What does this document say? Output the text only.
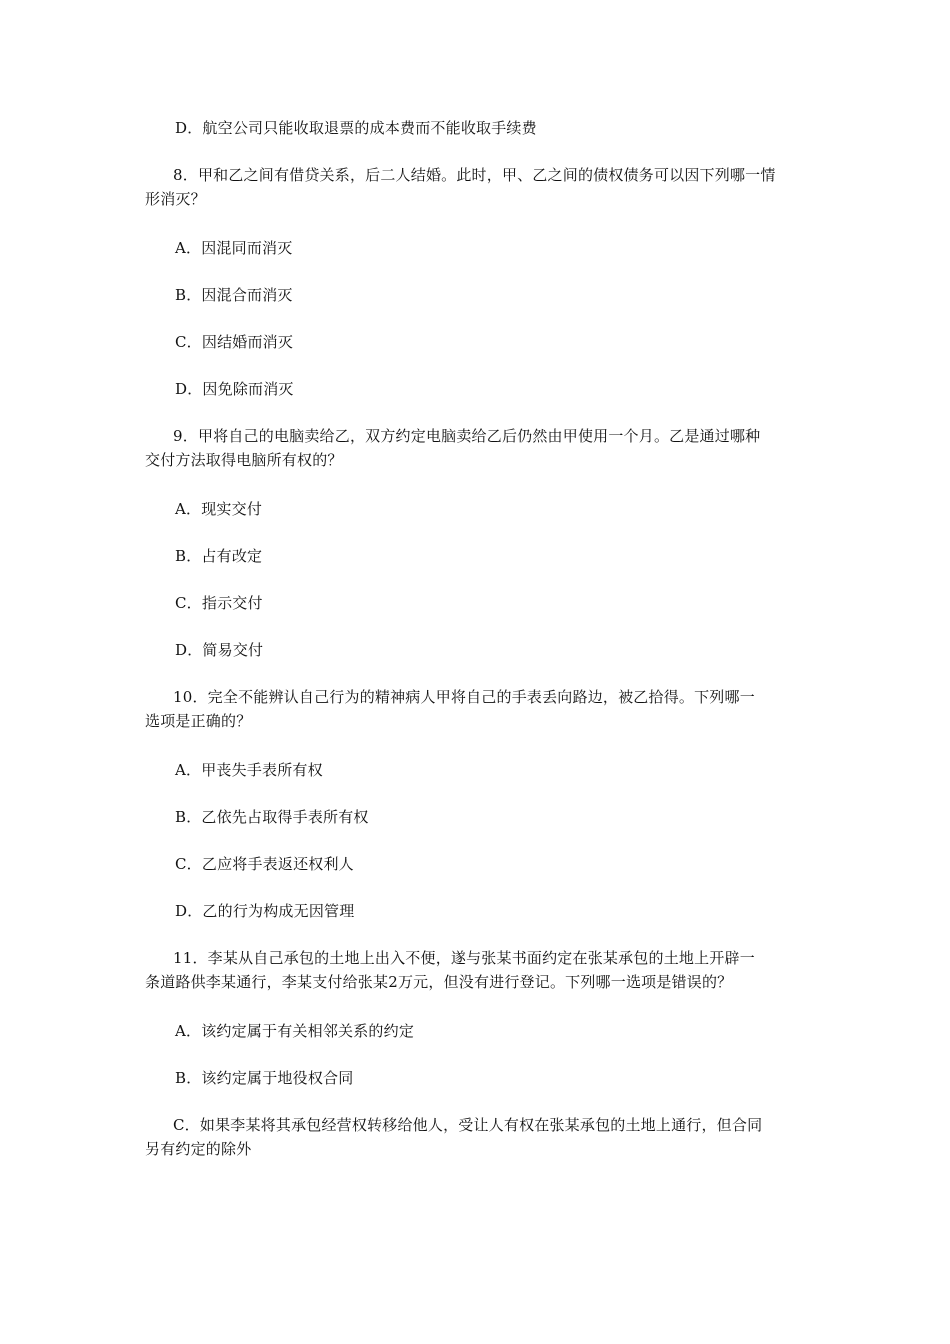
D．航空公司只能收取退票的成本费而不能收取手续费
8．甲和乙之间有借贷关系，后二人结婚。此时，甲、乙之间的债权债务可以因下列哪一情
形消灭？
A．因混同而消灭
B．因混合而消灭
C．因结婚而消灭
D．因免除而消灭
9．甲将自己的电脑卖给乙，双方约定电脑卖给乙后仍然由甲使用一个月。乙是通过哪种
交付方法取得电脑所有权的？
A．现实交付
B．占有改定
C．指示交付
D．简易交付
10．完全不能辨认自己行为的精神病人甲将自己的手表丢向路边，被乙拾得。下列哪一
选项是正确的？
A．甲丧失手表所有权
B．乙依先占取得手表所有权
C．乙应将手表返还权利人
D．乙的行为构成无因管理
11．李某从自己承包的土地上出入不便，遂与张某书面约定在张某承包的土地上开辟一
条道路供李某通行，李某支付给张某2万元，但没有进行登记。下列哪一选项是错误的？
A．该约定属于有关相邻关系的约定
B．该约定属于地役权合同
C．如果李某将其承包经营权转移给他人，受让人有权在张某承包的土地上通行，但合同
另有约定的除外
